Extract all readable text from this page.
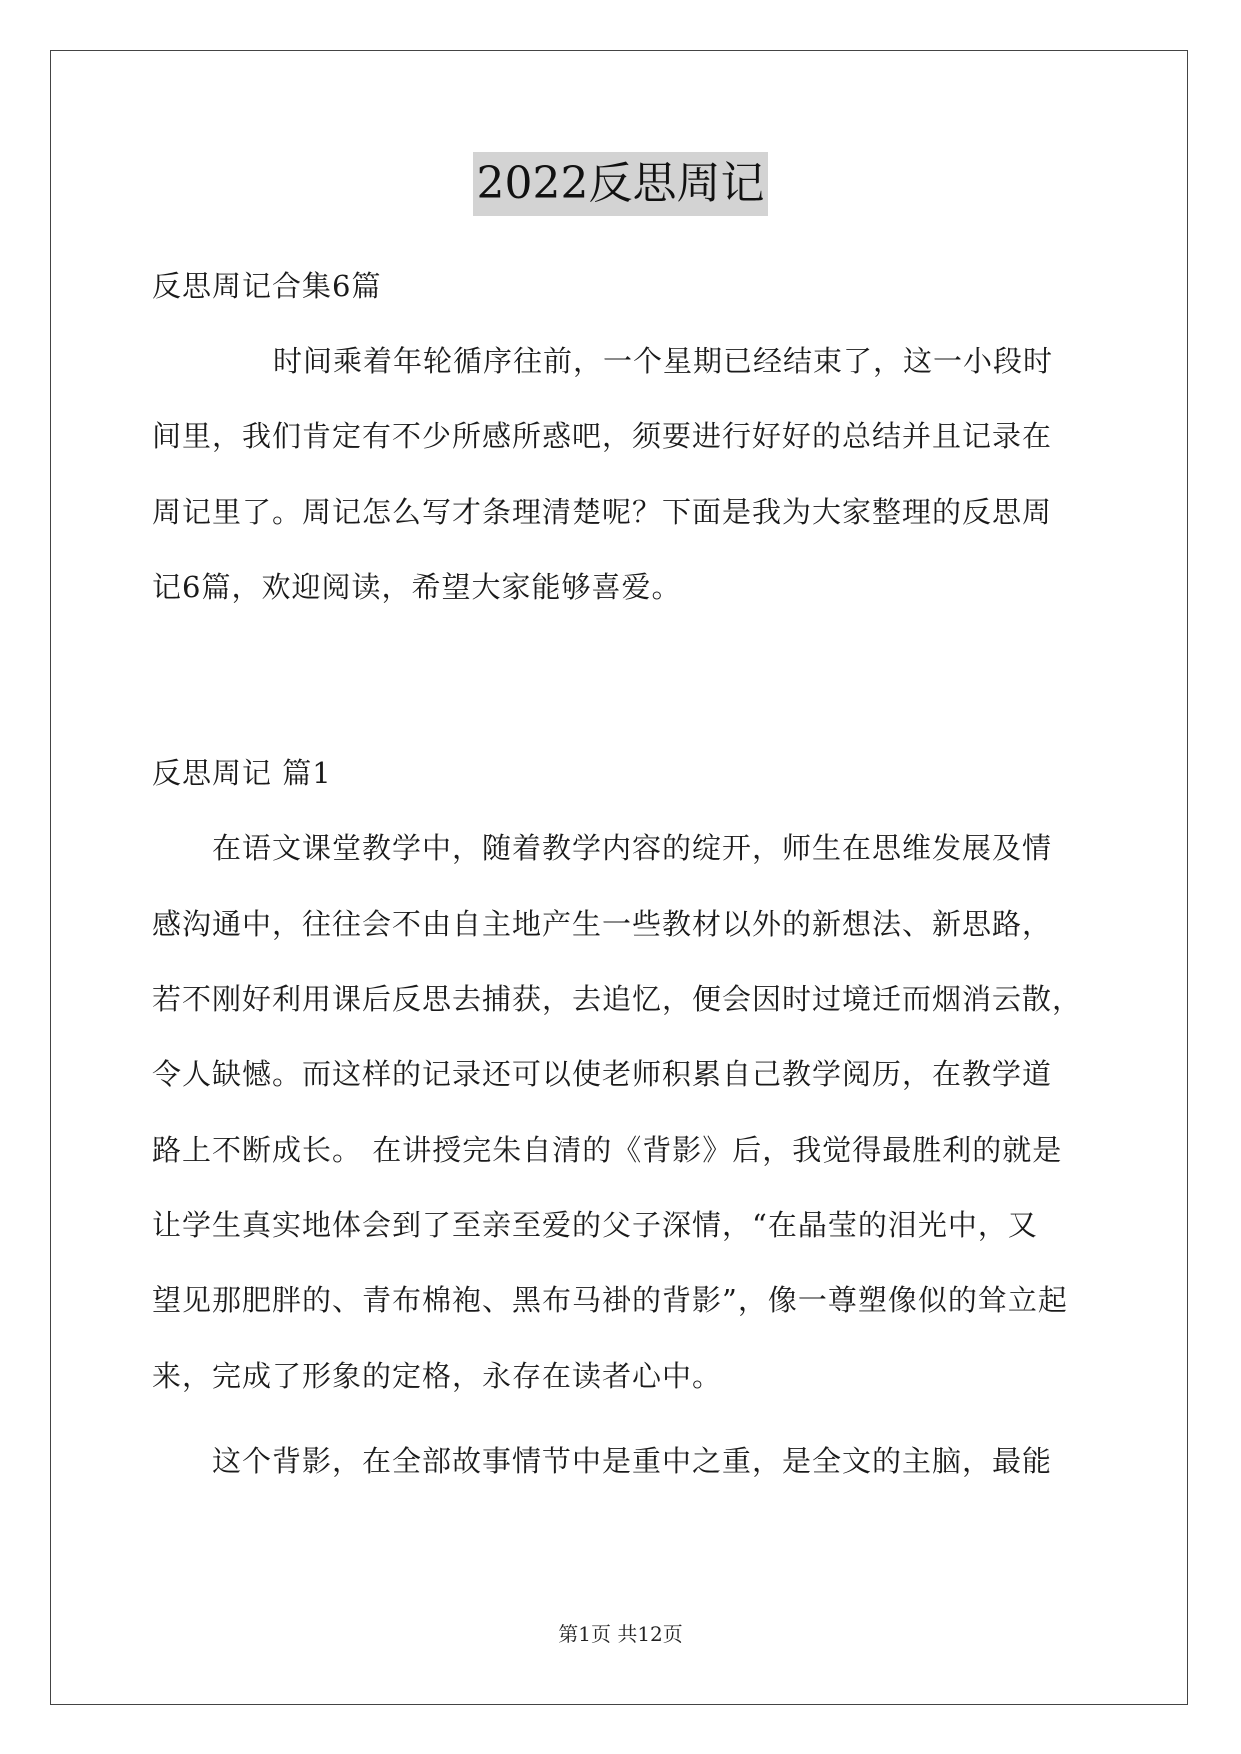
2022反思周记
反思周记合集6篇
时间乘着年轮循序往前，一个星期已经结束了，这一小段时
间里，我们肯定有不少所感所惑吧，须要进行好好的总结并且记录在
周记里了。周记怎么写才条理清楚呢？下面是我为大家整理的反思周
记6篇，欢迎阅读，希望大家能够喜爱。
反思周记 篇1
在语文课堂教学中，随着教学内容的绽开，师生在思维发展及情
感沟通中，往往会不由自主地产生一些教材以外的新想法、新思路，
若不刚好利用课后反思去捕获，去追忆，便会因时过境迁而烟消云散，
令人缺憾。而这样的记录还可以使老师积累自己教学阅历，在教学道
路上不断成长。 在讲授完朱自清的《背影》后，我觉得最胜利的就是
让学生真实地体会到了至亲至爱的父子深情，“在晶莹的泪光中，又
望见那肥胖的、青布棉袍、黑布马褂的背影”，像一尊塑像似的耸立起
来，完成了形象的定格，永存在读者心中。
这个背影，在全部故事情节中是重中之重，是全文的主脑，最能
第1页 共12页
